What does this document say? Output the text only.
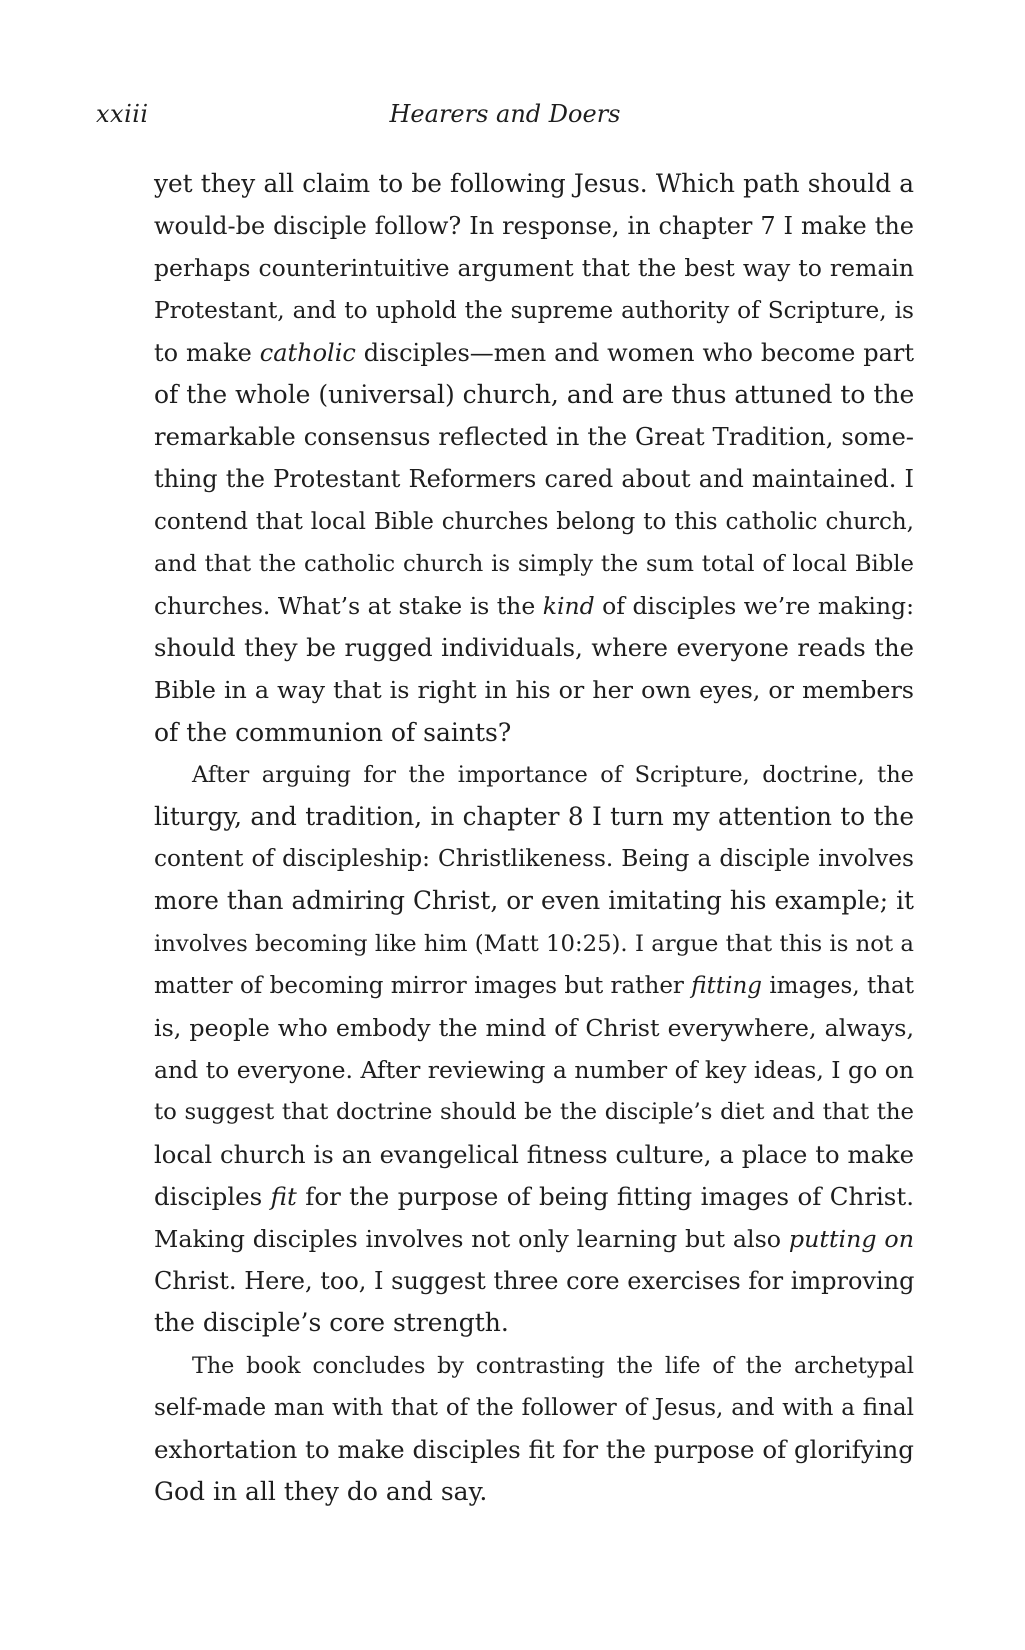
xxiii	Hearers and Doers

yet they all claim to be following Jesus. Which path should a
would-be disciple follow? In response, in chapter 7 I make the
perhaps counterintuitive argument that the best way to remain
Protestant, and to uphold the supreme authority of Scripture, is
to make catholic disciples—men and women who become part
of the whole (universal) church, and are thus attuned to the
remarkable consensus reflected in the Great Tradition, some-
thing the Protestant Reformers cared about and maintained. I
contend that local Bible churches belong to this catholic church,
and that the catholic church is simply the sum total of local Bible
churches. What’s at stake is the kind of disciples we’re making:
should they be rugged individuals, where everyone reads the
Bible in a way that is right in his or her own eyes, or members
of the communion of saints?

After arguing for the importance of Scripture, doctrine, the
liturgy, and tradition, in chapter 8 I turn my attention to the
content of discipleship: Christlikeness. Being a disciple involves
more than admiring Christ, or even imitating his example; it
involves becoming like him (Matt 10:25). I argue that this is not a
matter of becoming mirror images but rather fitting images, that
is, people who embody the mind of Christ everywhere, always,
and to everyone. After reviewing a number of key ideas, I go on
to suggest that doctrine should be the disciple’s diet and that the
local church is an evangelical fitness culture, a place to make
disciples fit for the purpose of being fitting images of Christ.
Making disciples involves not only learning but also putting on
Christ. Here, too, I suggest three core exercises for improving
the disciple’s core strength.

The book concludes by contrasting the life of the archetypal
self-made man with that of the follower of Jesus, and with a final
exhortation to make disciples fit for the purpose of glorifying
God in all they do and say.
